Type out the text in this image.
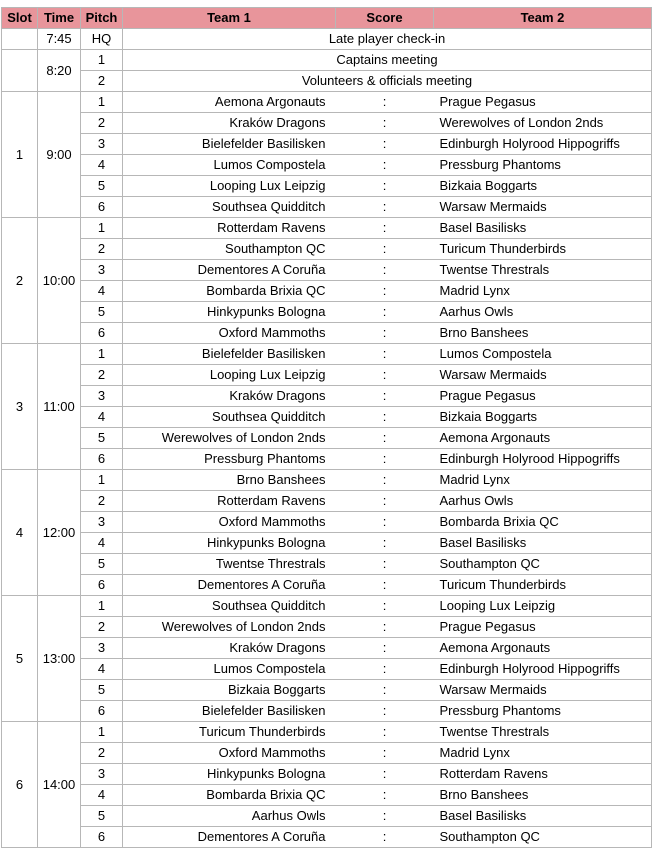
Slot	Time	Pitch	Team 1	Score	Team 2
	7:45	HQ	Late player check-in		
	8:20	1	Captains meeting		
		2	Volunteers & officials meeting		
1	9:00	1	Aemona Argonauts	:	Prague Pegasus
		2	Kraków Dragons	:	Werewolves of London 2nds
		3	Bielefelder Basilisken	:	Edinburgh Holyrood Hippogriffs
		4	Lumos Compostela	:	Pressburg Phantoms
		5	Looping Lux Leipzig	:	Bizkaia Boggarts
		6	Southsea Quidditch	:	Warsaw Mermaids
2	10:00	1	Rotterdam Ravens	:	Basel Basilisks
		2	Southampton QC	:	Turicum Thunderbirds
		3	Dementores A Coruña	:	Twentse Threstrals
		4	Bombarda Brixia QC	:	Madrid Lynx
		5	Hinkypunks Bologna	:	Aarhus Owls
		6	Oxford Mammoths	:	Brno Banshees
3	11:00	1	Bielefelder Basilisken	:	Lumos Compostela
		2	Looping Lux Leipzig	:	Warsaw Mermaids
		3	Kraków Dragons	:	Prague Pegasus
		4	Southsea Quidditch	:	Bizkaia Boggarts
		5	Werewolves of London 2nds	:	Aemona Argonauts
		6	Pressburg Phantoms	:	Edinburgh Holyrood Hippogriffs
4	12:00	1	Brno Banshees	:	Madrid Lynx
		2	Rotterdam Ravens	:	Aarhus Owls
		3	Oxford Mammoths	:	Bombarda Brixia QC
		4	Hinkypunks Bologna	:	Basel Basilisks
		5	Twentse Threstrals	:	Southampton QC
		6	Dementores A Coruña	:	Turicum Thunderbirds
5	13:00	1	Southsea Quidditch	:	Looping Lux Leipzig
		2	Werewolves of London 2nds	:	Prague Pegasus
		3	Kraków Dragons	:	Aemona Argonauts
		4	Lumos Compostela	:	Edinburgh Holyrood Hippogriffs
		5	Bizkaia Boggarts	:	Warsaw Mermaids
		6	Bielefelder Basilisken	:	Pressburg Phantoms
6	14:00	1	Turicum Thunderbirds	:	Twentse Threstrals
		2	Oxford Mammoths	:	Madrid Lynx
		3	Hinkypunks Bologna	:	Rotterdam Ravens
		4	Bombarda Brixia QC	:	Brno Banshees
		5	Aarhus Owls	:	Basel Basilisks
		6	Dementores A Coruña	:	Southampton QC
